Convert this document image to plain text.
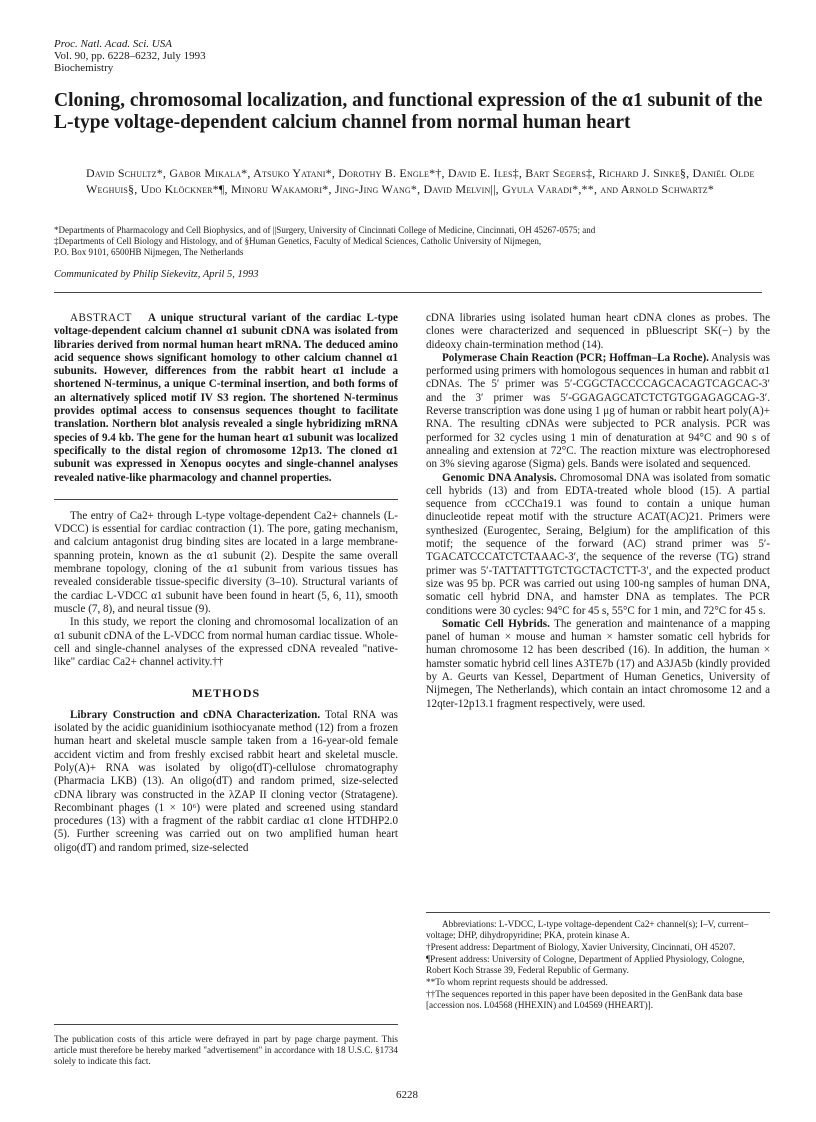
Proc. Natl. Acad. Sci. USA
Vol. 90, pp. 6228–6232, July 1993
Biochemistry
Cloning, chromosomal localization, and functional expression of the α1 subunit of the L-type voltage-dependent calcium channel from normal human heart
David Schultz*, Gabor Mikala*, Atsuko Yatani*, Dorothy B. Engle*†, David E. Iles‡, Bart Segers‡, Richard J. Sinke§, Daniël Olde Weghuis§, Udo Klöckner*¶, Minoru Wakamori*, Jing-Jing Wang*, David Melvin||, Gyula Varadi*,**, and Arnold Schwartz*
*Departments of Pharmacology and Cell Biophysics, and of ||Surgery, University of Cincinnati College of Medicine, Cincinnati, OH 45267-0575; and
‡Departments of Cell Biology and Histology, and of §Human Genetics, Faculty of Medical Sciences, Catholic University of Nijmegen,
P.O. Box 9101, 6500HB Nijmegen, The Netherlands
Communicated by Philip Siekevitz, April 5, 1993

ABSTRACT A unique structural variant of the cardiac L-type voltage-dependent calcium channel α1 subunit cDNA was isolated from libraries derived from normal human heart mRNA. The deduced amino acid sequence shows significant homology to other calcium channel α1 subunits. However, differences from the rabbit heart α1 include a shortened N-terminus, a unique C-terminal insertion, and both forms of an alternatively spliced motif IV S3 region. The shortened N-terminus provides optimal access to consensus sequences thought to facilitate translation. Northern blot analysis revealed a single hybridizing mRNA species of 9.4 kb. The gene for the human heart α1 subunit was localized specifically to the distal region of chromosome 12p13. The cloned α1 subunit was expressed in Xenopus oocytes and single-channel analyses revealed native-like pharmacology and channel properties.

The entry of Ca2+ through L-type voltage-dependent Ca2+ channels (L-VDCC) is essential for cardiac contraction (1). The pore, gating mechanism, and calcium antagonist drug binding sites are located in a large membrane-spanning protein, known as the α1 subunit (2). Despite the same overall membrane topology, cloning of the α1 subunit from various tissues has revealed considerable tissue-specific diversity (3–10). Structural variants of the cardiac L-VDCC α1 subunit have been found in heart (5, 6, 11), smooth muscle (7, 8), and neural tissue (9).

In this study, we report the cloning and chromosomal localization of an α1 subunit cDNA of the L-VDCC from normal human cardiac tissue. Whole-cell and single-channel analyses of the expressed cDNA revealed "native-like" cardiac Ca2+ channel activity.††

METHODS

Library Construction and cDNA Characterization. Total RNA was isolated by the acidic guanidinium isothiocyanate method (12) from a frozen human heart and skeletal muscle sample taken from a 16-year-old female accident victim and from freshly excised rabbit heart and skeletal muscle. Poly(A)+ RNA was isolated by oligo(dT)-cellulose chromatography (Pharmacia LKB) (13). An oligo(dT) and random primed, size-selected cDNA library was constructed in the λZAP II cloning vector (Stratagene). Recombinant phages (1 × 10⁶) were plated and screened using standard procedures (13) with a fragment of the rabbit cardiac α1 clone HTDHP2.0 (5). Further screening was carried out on two amplified human heart oligo(dT) and random primed, size-selected

The publication costs of this article were defrayed in part by page charge payment. This article must therefore be hereby marked "advertisement" in accordance with 18 U.S.C. §1734 solely to indicate this fact.

cDNA libraries using isolated human heart cDNA clones as probes. The clones were characterized and sequenced in pBluescript SK(−) by the dideoxy chain-termination method (14).

Polymerase Chain Reaction (PCR; Hoffman–La Roche). Analysis was performed using primers with homologous sequences in human and rabbit α1 cDNAs. The 5′ primer was 5′-CGGCTACCCCAGCACAGTCAGCAC-3′ and the 3′ primer was 5′-GGAGAGCATCTCTGTGGAGAGCAG-3′. Reverse transcription was done using 1 μg of human or rabbit heart poly(A)+ RNA. The resulting cDNAs were subjected to PCR analysis. PCR was performed for 32 cycles using 1 min of denaturation at 94°C and 90 s of annealing and extension at 72°C. The reaction mixture was electrophoresed on 3% sieving agarose (Sigma) gels. Bands were isolated and sequenced.

Genomic DNA Analysis. Chromosomal DNA was isolated from somatic cell hybrids (13) and from EDTA-treated whole blood (15). A partial sequence from cCCCha19.1 was found to contain a unique human dinucleotide repeat motif with the structure ACAT(AC)21. Primers were synthesized (Eurogentec, Seraing, Belgium) for the amplification of this motif; the sequence of the forward (AC) strand primer was 5′-TGACATCCCATCTCTAAAC-3′, the sequence of the reverse (TG) strand primer was 5′-TATTATTTGTCTGCTACTCTT-3′, and the expected product size was 95 bp. PCR was carried out using 100-ng samples of human DNA, somatic cell hybrid DNA, and hamster DNA as templates. The PCR conditions were 30 cycles: 94°C for 45 s, 55°C for 1 min, and 72°C for 45 s.

Somatic Cell Hybrids. The generation and maintenance of a mapping panel of human × mouse and human × hamster somatic cell hybrids for human chromosome 12 has been described (16). In addition, the human × hamster somatic hybrid cell lines A3TE7b (17) and A3JA5b (kindly provided by A. Geurts van Kessel, Department of Human Genetics, University of Nijmegen, The Netherlands), which contain an intact chromosome 12 and a 12qter-12p13.1 fragment respectively, were used.

Abbreviations: L-VDCC, L-type voltage-dependent Ca2+ channel(s); I–V, current–voltage; DHP, dihydropyridine; PKA, protein kinase A.

†Present address: Department of Biology, Xavier University, Cincinnati, OH 45207.

¶Present address: University of Cologne, Department of Applied Physiology, Cologne, Robert Koch Strasse 39, Federal Republic of Germany.

**To whom reprint requests should be addressed.

††The sequences reported in this paper have been deposited in the GenBank data base [accession nos. L04568 (HHEXIN) and L04569 (HHEART)].

6228
